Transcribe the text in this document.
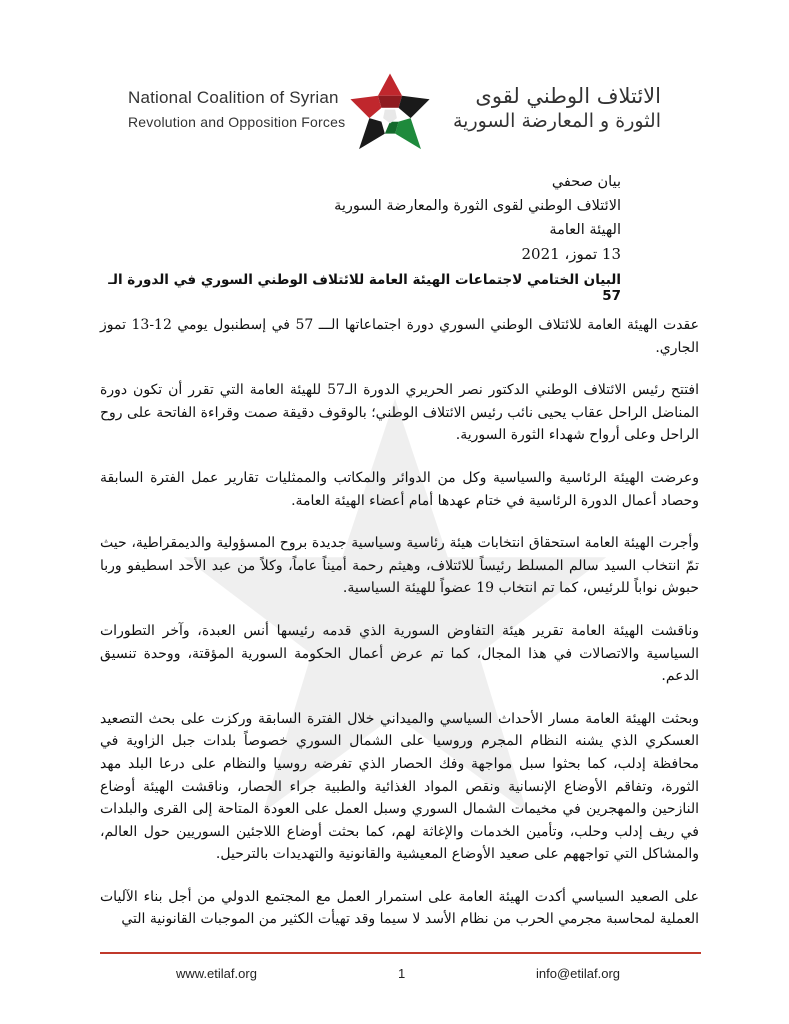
National Coalition of Syrian
Revolution and Opposition Forces
الائتلاف الوطني لقوى
الثورة و المعارضة السورية
بيان صحفي
الائتلاف الوطني لقوى الثورة والمعارضة السورية
الهيئة العامة
13 تموز، 2021
البيان الختامي لاجتماعات الهيئة العامة للائتلاف الوطني السوري في الدورة الـ 57

عقدت الهيئة العامة للائتلاف الوطني السوري دورة اجتماعاتها الـــ 57 في إسطنبول يومي 12-13 تموز الجاري.

افتتح رئيس الائتلاف الوطني الدكتور نصر الحريري الدورة الـ57 للهيئة العامة التي تقرر أن تكون دورة المناضل الراحل عقاب يحيى نائب رئيس الائتلاف الوطني؛ بالوقوف دقيقة صمت وقراءة الفاتحة على روح الراحل وعلى أرواح شهداء الثورة السورية.

وعرضت الهيئة الرئاسية والسياسية وكل من الدوائر والمكاتب والممثليات تقارير عمل الفترة السابقة وحصاد أعمال الدورة الرئاسية في ختام عهدها أمام أعضاء الهيئة العامة.

وأجرت الهيئة العامة استحقاق انتخابات هيئة رئاسية وسياسية جديدة بروح المسؤولية والديمقراطية، حيث تمّ انتخاب السيد سالم المسلط رئيساً للائتلاف، وهيثم رحمة أميناً عاماً، وكلاً من عبد الأحد اسطيفو وربا حبوش نواباً للرئيس، كما تم انتخاب 19 عضواً للهيئة السياسية.

وناقشت الهيئة العامة تقرير هيئة التفاوض السورية الذي قدمه رئيسها أنس العبدة، وآخر التطورات السياسية والاتصالات في هذا المجال، كما تم عرض أعمال الحكومة السورية المؤقتة، ووحدة تنسيق الدعم.

وبحثت الهيئة العامة مسار الأحداث السياسي والميداني خلال الفترة السابقة وركزت على بحث التصعيد العسكري الذي يشنه النظام المجرم وروسيا على الشمال السوري خصوصاً بلدات جبل الزاوية في محافظة إدلب، كما بحثوا سبل مواجهة وفك الحصار الذي تفرضه روسيا والنظام على درعا البلد مهد الثورة، وتفاقم الأوضاع الإنسانية ونقص المواد الغذائية والطبية جراء الحصار، وناقشت الهيئة أوضاع النازحين والمهجرين في مخيمات الشمال السوري وسبل العمل على العودة المتاحة إلى القرى والبلدات في ريف إدلب وحلب، وتأمين الخدمات والإغاثة لهم، كما بحثت أوضاع اللاجئين السوريين حول العالم، والمشاكل التي تواجههم على صعيد الأوضاع المعيشية والقانونية والتهديدات بالترحيل.

على الصعيد السياسي أكدت الهيئة العامة على استمرار العمل مع المجتمع الدولي من أجل بناء الآليات العملية لمحاسبة مجرمي الحرب من نظام الأسد لا سيما وقد تهيأت الكثير من الموجبات القانونية التي

www.etilaf.org	1	info@etilaf.org
